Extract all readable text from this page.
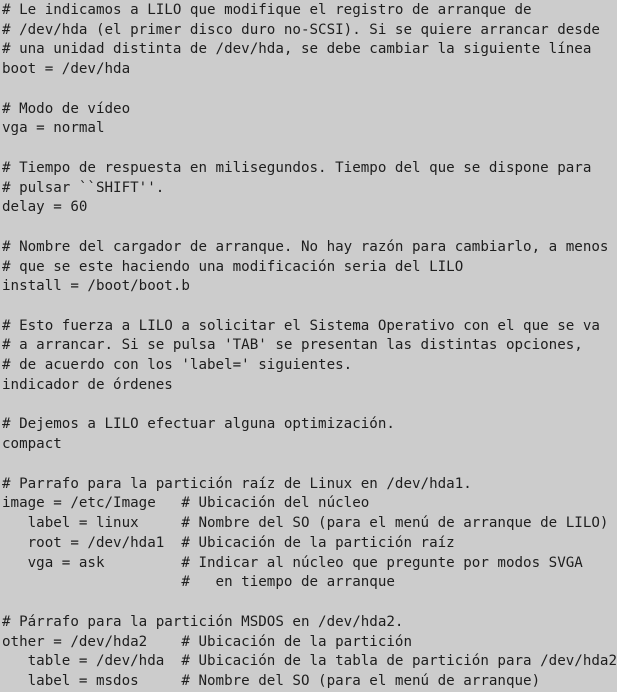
# Le indicamos a LILO que modifique el registro de arranque de
# /dev/hda (el primer disco duro no-SCSI). Si se quiere arrancar desde
# una unidad distinta de /dev/hda, se debe cambiar la siguiente línea
boot = /dev/hda
# Modo de vídeo
vga = normal
# Tiempo de respuesta en milisegundos. Tiempo del que se dispone para
# pulsar ``SHIFT''.
delay = 60
# Nombre del cargador de arranque. No hay razón para cambiarlo, a menos
# que se este haciendo una modificación seria del LILO
install = /boot/boot.b
# Esto fuerza a LILO a solicitar el Sistema Operativo con el que se va
# a arrancar. Si se pulsa 'TAB' se presentan las distintas opciones,
# de acuerdo con los 'label=' siguientes.
indicador de órdenes
# Dejemos a LILO efectuar alguna optimización.
compact
# Parrafo para la partición raíz de Linux en /dev/hda1.
image = /etc/Image   # Ubicación del núcleo
label = linux     # Nombre del SO (para el menú de arranque de LILO)
root = /dev/hda1  # Ubicación de la partición raíz
vga = ask         # Indicar al núcleo que pregunte por modos SVGA
#   en tiempo de arranque
# Párrafo para la partición MSDOS en /dev/hda2.
other = /dev/hda2    # Ubicación de la partición
table = /dev/hda  # Ubicación de la tabla de partición para /dev/hda2
label = msdos     # Nombre del SO (para el menú de arranque)
